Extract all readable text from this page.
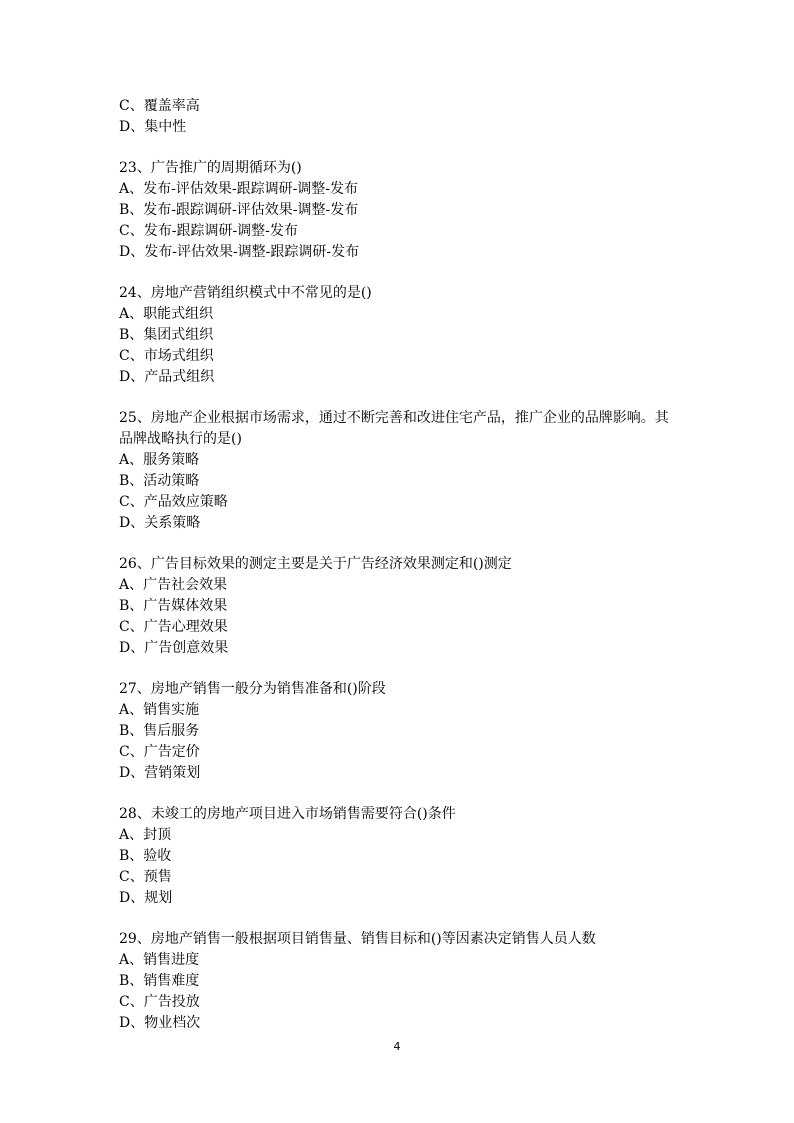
C、覆盖率高
D、集中性
23、广告推广的周期循环为()
A、发布-评估效果-跟踪调研-调整-发布
B、发布-跟踪调研-评估效果-调整-发布
C、发布-跟踪调研-调整-发布
D、发布-评估效果-调整-跟踪调研-发布
24、房地产营销组织模式中不常见的是()
A、职能式组织
B、集团式组织
C、市场式组织
D、产品式组织
25、房地产企业根据市场需求，通过不断完善和改进住宅产品，推广企业的品牌影响。其
品牌战略执行的是()
A、服务策略
B、活动策略
C、产品效应策略
D、关系策略
26、广告目标效果的测定主要是关于广告经济效果测定和()测定
A、广告社会效果
B、广告媒体效果
C、广告心理效果
D、广告创意效果
27、房地产销售一般分为销售准备和()阶段
A、销售实施
B、售后服务
C、广告定价
D、营销策划
28、未竣工的房地产项目进入市场销售需要符合()条件
A、封顶
B、验收
C、预售
D、规划
29、房地产销售一般根据项目销售量、销售目标和()等因素决定销售人员人数
A、销售进度
B、销售难度
C、广告投放
D、物业档次
4
